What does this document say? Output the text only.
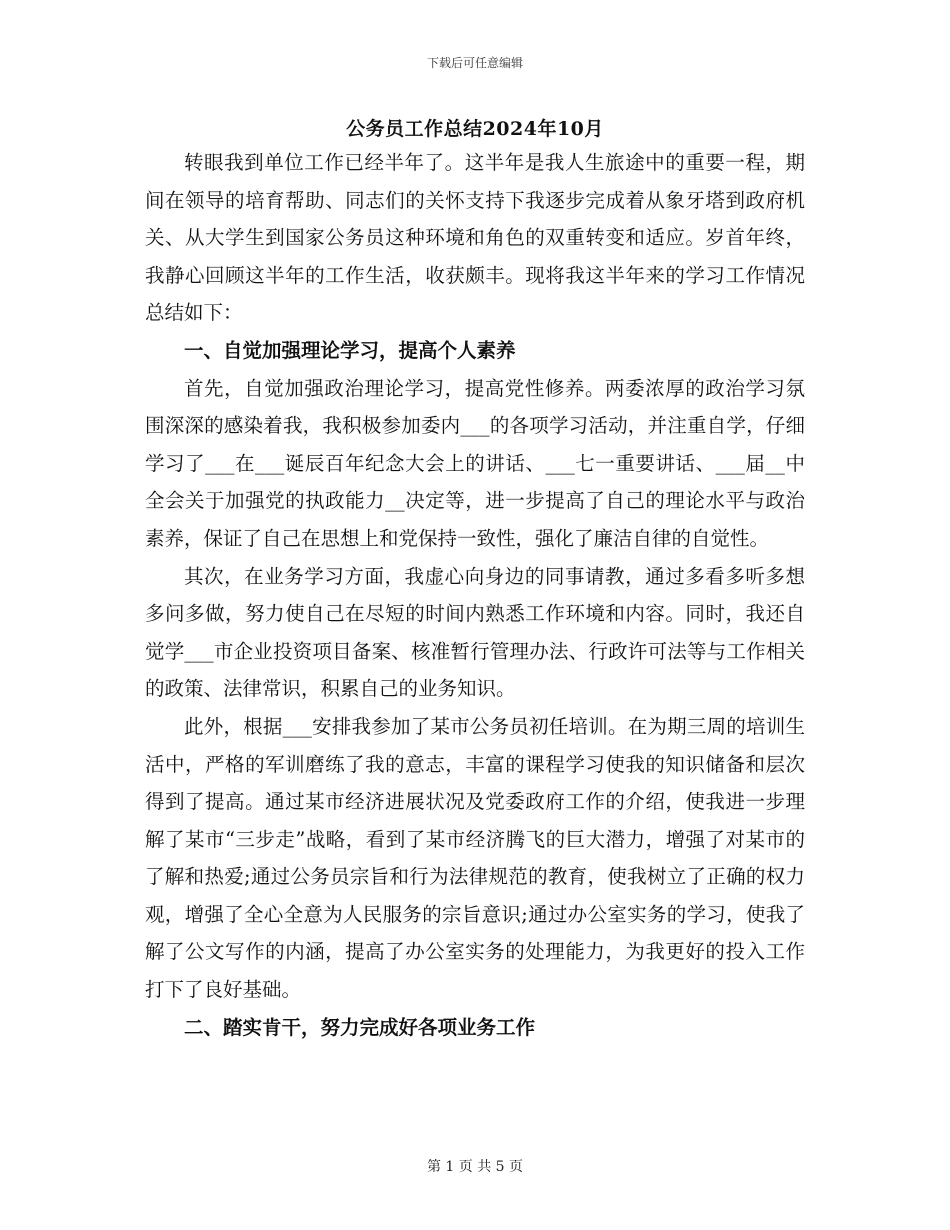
下载后可任意编辑
公务员工作总结2024年10月

转眼我到单位工作已经半年了。这半年是我人生旅途中的重要一程，期间在领导的培育帮助、同志们的关怀支持下我逐步完成着从象牙塔到政府机关、从大学生到国家公务员这种环境和角色的双重转变和适应。岁首年终，我静心回顾这半年的工作生活，收获颇丰。现将我这半年来的学习工作情况总结如下：

一、自觉加强理论学习，提高个人素养

首先，自觉加强政治理论学习，提高党性修养。两委浓厚的政治学习氛围深深的感染着我，我积极参加委内___的各项学习活动，并注重自学，仔细学习了___在___诞辰百年纪念大会上的讲话、___七一重要讲话、___届__中全会关于加强党的执政能力__决定等，进一步提高了自己的理论水平与政治素养，保证了自己在思想上和党保持一致性，强化了廉洁自律的自觉性。

其次，在业务学习方面，我虚心向身边的同事请教，通过多看多听多想多问多做，努力使自己在尽短的时间内熟悉工作环境和内容。同时，我还自觉学___市企业投资项目备案、核准暂行管理办法、行政许可法等与工作相关的政策、法律常识，积累自己的业务知识。

此外，根据___安排我参加了某市公务员初任培训。在为期三周的培训生活中，严格的军训磨练了我的意志，丰富的课程学习使我的知识储备和层次得到了提高。通过某市经济进展状况及党委政府工作的介绍，使我进一步理解了某市“三步走”战略，看到了某市经济腾飞的巨大潜力，增强了对某市的了解和热爱;通过公务员宗旨和行为法律规范的教育，使我树立了正确的权力观，增强了全心全意为人民服务的宗旨意识;通过办公室实务的学习，使我了解了公文写作的内涵，提高了办公室实务的处理能力，为我更好的投入工作打下了良好基础。

二、踏实肯干，努力完成好各项业务工作

第 1 页 共 5 页
